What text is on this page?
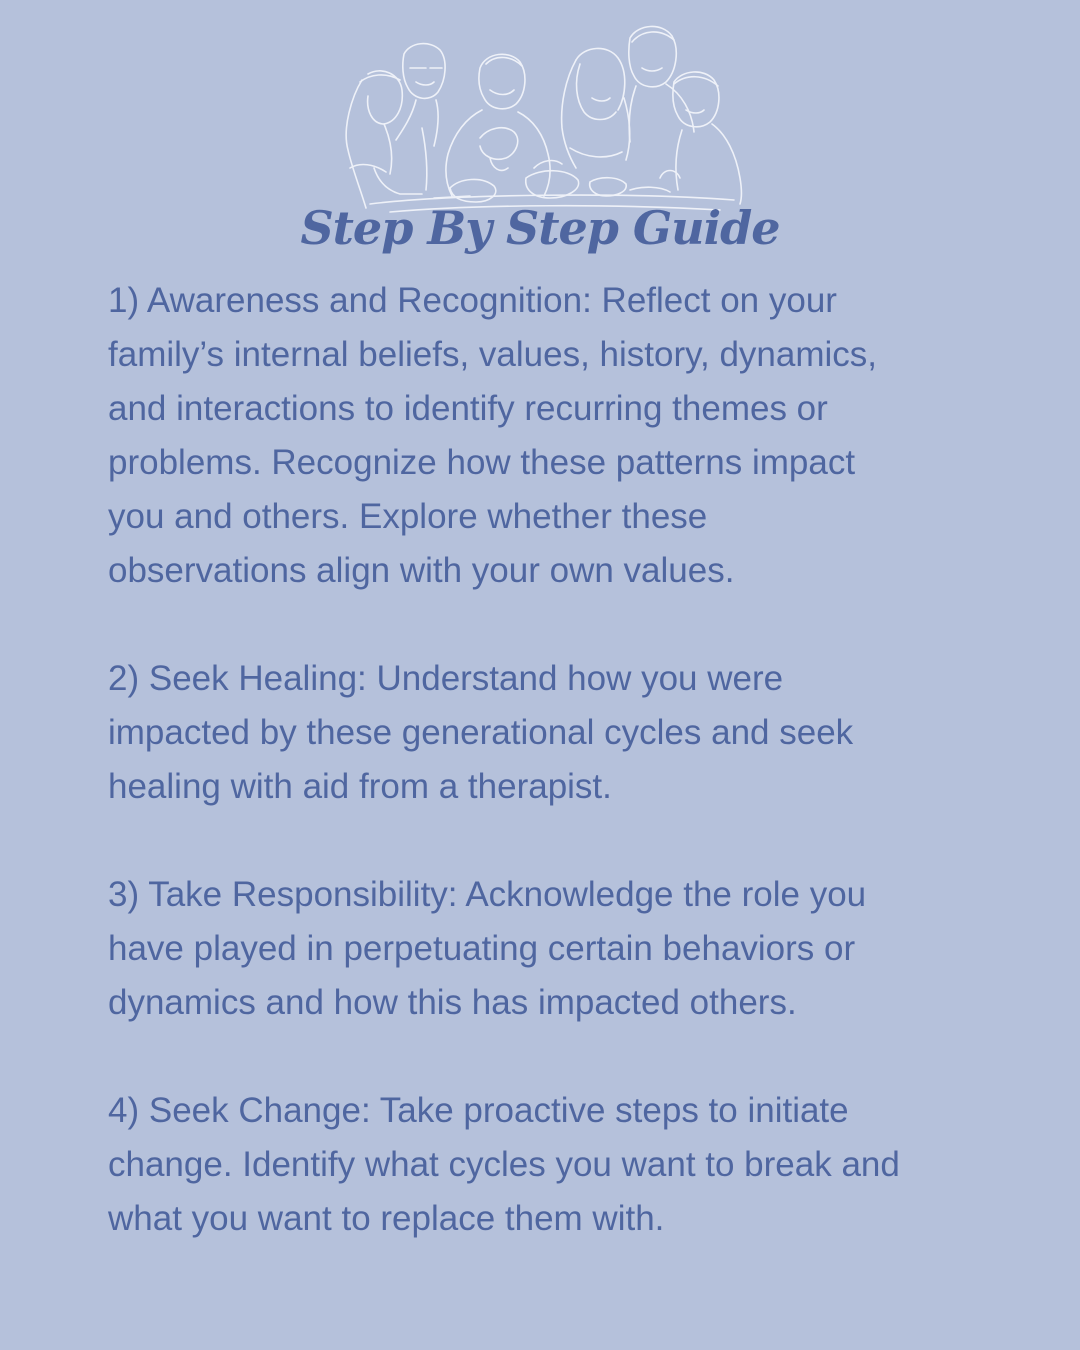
Step By Step Guide

1) Awareness and Recognition: Reflect on your
family’s internal beliefs, values, history, dynamics,
and interactions to identify recurring themes or
problems. Recognize how these patterns impact
you and others. Explore whether these
observations align with your own values.

2) Seek Healing: Understand how you were
impacted by these generational cycles and seek
healing with aid from a therapist.

3) Take Responsibility: Acknowledge the role you
have played in perpetuating certain behaviors or
dynamics and how this has impacted others.

4) Seek Change: Take proactive steps to initiate
change. Identify what cycles you want to break and
what you want to replace them with.
